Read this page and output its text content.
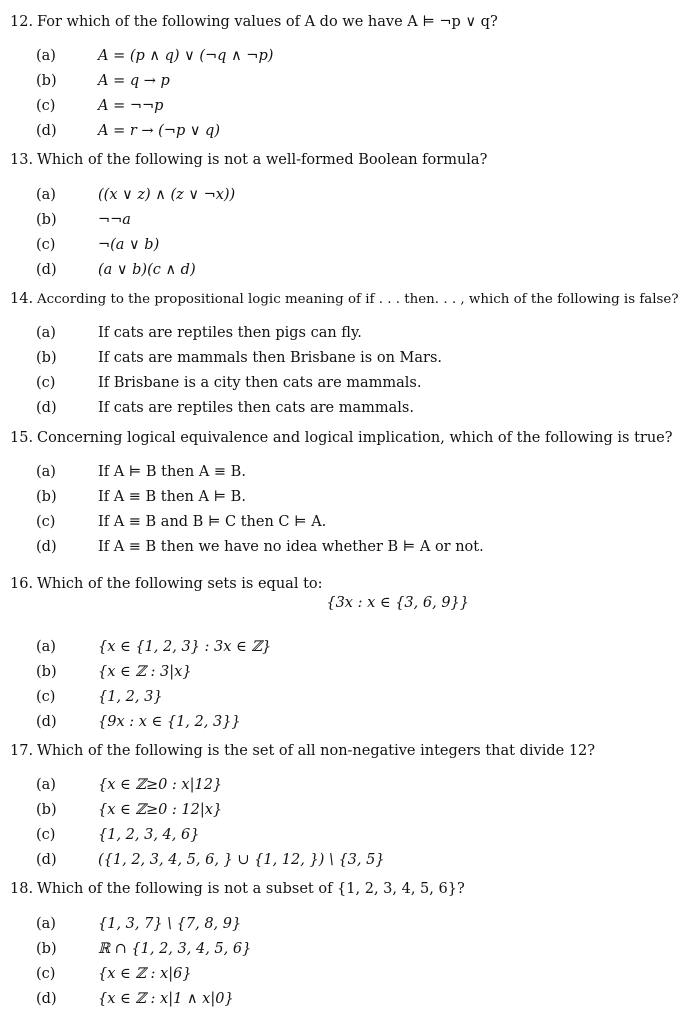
12. For which of the following values of A do we have A ⊨ ¬p ∨ q?
(a)	A = (p ∧ q) ∨ (¬q ∧ ¬p)
(b)	A = q → p
(c)	A = ¬¬p
(d)	A = r → (¬p ∨ q)
13. Which of the following is not a well-formed Boolean formula?
(a)	((x ∨ z) ∧ (z ∨ ¬x))
(b)	¬¬a
(c)	¬(a ∨ b)
(d)	(a ∨ b)(c ∧ d)
14. According to the propositional logic meaning of if . . . then. . . , which of the following is false?
(a)	If cats are reptiles then pigs can fly.
(b)	If cats are mammals then Brisbane is on Mars.
(c)	If Brisbane is a city then cats are mammals.
(d)	If cats are reptiles then cats are mammals.
15. Concerning logical equivalence and logical implication, which of the following is true?
(a)	If A ⊨ B then A ≡ B.
(b)	If A ≡ B then A ⊨ B.
(c)	If A ≡ B and B ⊨ C then C ⊨ A.
(d)	If A ≡ B then we have no idea whether B ⊨ A or not.
16. Which of the following sets is equal to:
{3x : x ∈ {3, 6, 9}}
(a)	{x ∈ {1, 2, 3} : 3x ∈ ℤ}
(b)	{x ∈ ℤ : 3|x}
(c)	{1, 2, 3}
(d)	{9x : x ∈ {1, 2, 3}}
17. Which of the following is the set of all non-negative integers that divide 12?
(a)	{x ∈ ℤ≥0 : x|12}
(b)	{x ∈ ℤ≥0 : 12|x}
(c)	{1, 2, 3, 4, 6}
(d)	({1, 2, 3, 4, 5, 6, } ∪ {1, 12, }) \ {3, 5}
18. Which of the following is not a subset of {1, 2, 3, 4, 5, 6}?
(a)	{1, 3, 7} \ {7, 8, 9}
(b)	ℝ ∩ {1, 2, 3, 4, 5, 6}
(c)	{x ∈ ℤ : x|6}
(d)	{x ∈ ℤ : x|1 ∧ x|0}
